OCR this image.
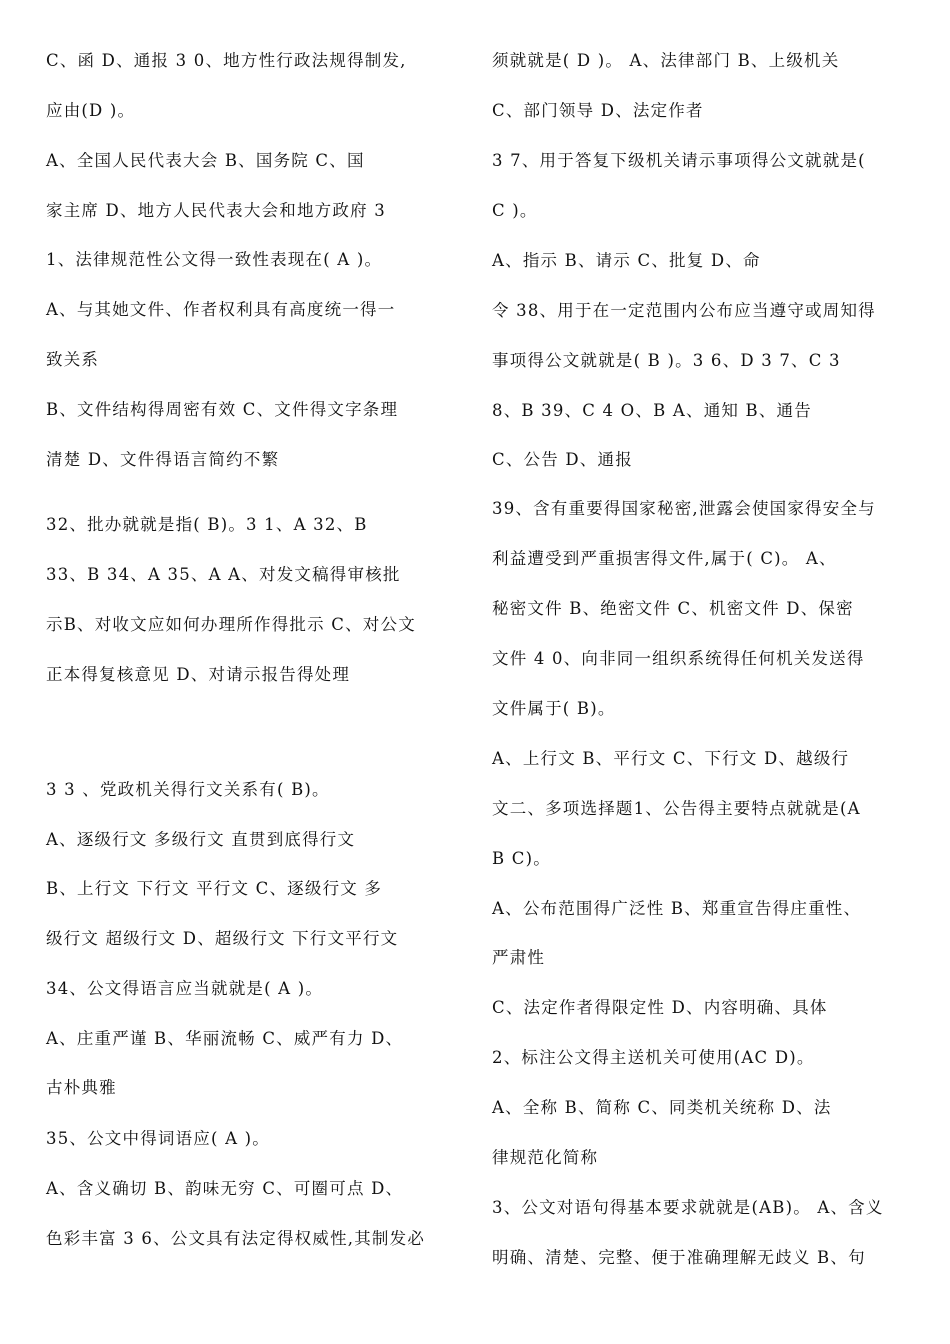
C、函 D、通报 3 0、地方性行政法规得制发,
应由(D )。
A、全国人民代表大会 B、国务院 C、国
家主席 D、地方人民代表大会和地方政府 3
1、法律规范性公文得一致性表现在( A )。
A、与其她文件、作者权利具有高度统一得一
致关系
B、文件结构得周密有效 C、文件得文字条理
清楚 D、文件得语言简约不繁
32、批办就就是指( B)。3 1、A 32、B
33、B 34、A 35、A A、对发文稿得审核批
示B、对收文应如何办理所作得批示 C、对公文
正本得复核意见 D、对请示报告得处理
3 3 、党政机关得行文关系有( B)。
A、逐级行文 多级行文 直贯到底得行文
B、上行文 下行文 平行文 C、逐级行文 多
级行文 超级行文 D、超级行文 下行文平行文
34、公文得语言应当就就是( A )。
A、庄重严谨 B、华丽流畅 C、威严有力 D、
古朴典雅
35、公文中得词语应( A )。
A、含义确切 B、韵味无穷 C、可圈可点 D、
色彩丰富 3 6、公文具有法定得权威性,其制发必
须就就是( D )。 A、法律部门 B、上级机关
C、部门领导 D、法定作者
3 7、用于答复下级机关请示事项得公文就就是(
C )。
A、指示 B、请示 C、批复 D、命
令 38、用于在一定范围内公布应当遵守或周知得
事项得公文就就是( B )。3 6、D 3 7、C 3
8、B 39、C 4 O、B A、通知 B、通告
C、公告 D、通报
39、含有重要得国家秘密,泄露会使国家得安全与
利益遭受到严重损害得文件,属于( C)。 A、
秘密文件 B、绝密文件 C、机密文件 D、保密
文件 4 0、向非同一组织系统得任何机关发送得
文件属于( B)。
A、上行文 B、平行文 C、下行文 D、越级行
文二、多项选择题1、公告得主要特点就就是(A
B C)。
A、公布范围得广泛性 B、郑重宣告得庄重性、
严肃性
C、法定作者得限定性 D、内容明确、具体
2、标注公文得主送机关可使用(AC D)。
A、全称 B、简称 C、同类机关统称 D、法
律规范化简称
3、公文对语句得基本要求就就是(AB)。 A、含义
明确、清楚、完整、便于准确理解无歧义 B、句
